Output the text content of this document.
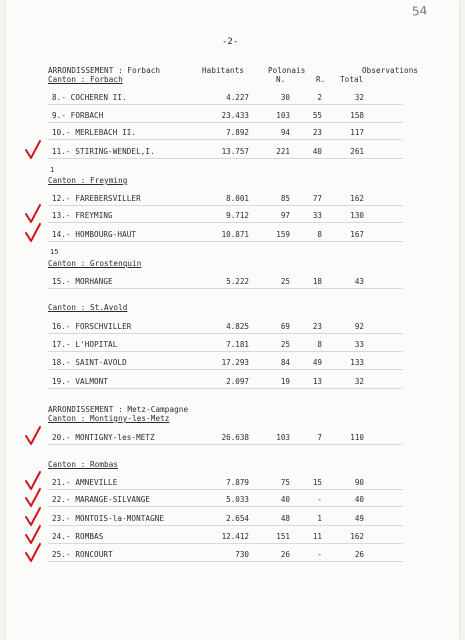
54
-2-
ARRONDISSEMENT : Forbach
Canton : Forbach
Habitants	Polonais
N.	R. Total
Observations
1
15
8.- COCHEREN II.	4.227	30	2	32
9.- FORBACH	23.433	103	55	158
10.- MERLEBACH II.	7.892	94	23	117
11.- STIRING-WENDEL,I.	13.757	221	40	261
Canton : Freyming
12.- FAREBERSVILLER	8.001	85	77	162
13.- FREYMING	9.712	97	33	130
14.- HOMBOURG-HAUT	10.871	159	8	167
Canton : Grostenquin
15.- MORHANGE	5.222	25	18	43
Canton : St.Avold
16.- FORSCHVILLER	4.825	69	23	92
17.- L'HOPITAL	7.181	25	8	33
18.- SAINT-AVOLD	17.293	84	49	133
19.- VALMONT	2.097	19	13	32
ARRONDISSEMENT : Metz-Campagne
Canton : Montigny-les-Metz
20.- MONTIGNY-les-METZ	26.638	103	7	110
Canton : Rombas
21.- AMNEVILLE	7.879	75	15	90
22.- MARANGE-SILVANGE	5.033	40	-	40
23.- MONTOIS-la-MONTAGNE	2.654	48	1	49
24.- ROMBAS	12.412	151	11	162
25.- RONCOURT	730	26	-	26
